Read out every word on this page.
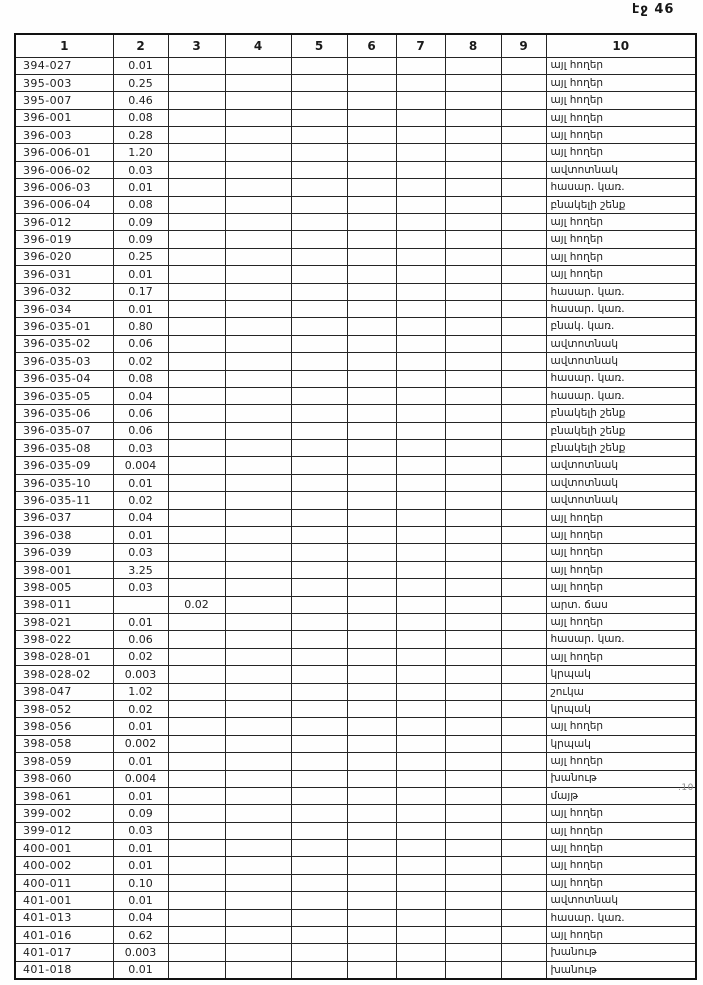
էջ 46
1	2	3	4	5	6	7	8	9	10
394-027	0.01								այլ հողեր
395-003	0.25								այլ հողեր
395-007	0.46								այլ հողեր
396-001	0.08								այլ հողեր
396-003	0.28								այլ հողեր
396-006-01	1.20								այլ հողեր
396-006-02	0.03								ավտոտնակ
396-006-03	0.01								հասար. կառ.
396-006-04	0.08								բնակելի շենք
396-012	0.09								այլ հողեր
396-019	0.09								այլ հողեր
396-020	0.25								այլ հողեր
396-031	0.01								այլ հողեր
396-032	0.17								հասար. կառ.
396-034	0.01								հասար. կառ.
396-035-01	0.80								բնակ. կառ.
396-035-02	0.06								ավտոտնակ
396-035-03	0.02								ավտոտնակ
396-035-04	0.08								հասար. կառ.
396-035-05	0.04								հասար. կառ.
396-035-06	0.06								բնակելի շենք
396-035-07	0.06								բնակելի շենք
396-035-08	0.03								բնակելի շենք
396-035-09	0.004								ավտոտնակ
396-035-10	0.01								ավտոտնակ
396-035-11	0.02								ավտոտնակ
396-037	0.04								այլ հողեր
396-038	0.01								այլ հողեր
396-039	0.03								այլ հողեր
398-001	3.25								այլ հողեր
398-005	0.03								այլ հողեր
398-011		0.02							արտ. ճաս
398-021	0.01								այլ հողեր
398-022	0.06								հասար. կառ.
398-028-01	0.02								այլ հողեր
398-028-02	0.003								կրպակ
398-047	1.02								շուկա
398-052	0.02								կրպակ
398-056	0.01								այլ հողեր
398-058	0.002								կրպակ
398-059	0.01								այլ հողեր
398-060	0.004								խանութ
398-061	0.01								մայթ
399-002	0.09								այլ հողեր
399-012	0.03								այլ հողեր
400-001	0.01								այլ հողեր
400-002	0.01								այլ հողեր
400-011	0.10								այլ հողեր
401-001	0.01								ավտոտնակ
401-013	0.04								հասար. կառ.
401-016	0.62								այլ հողեր
401-017	0.003								խանութ
401-018	0.01								խանութ
.10
